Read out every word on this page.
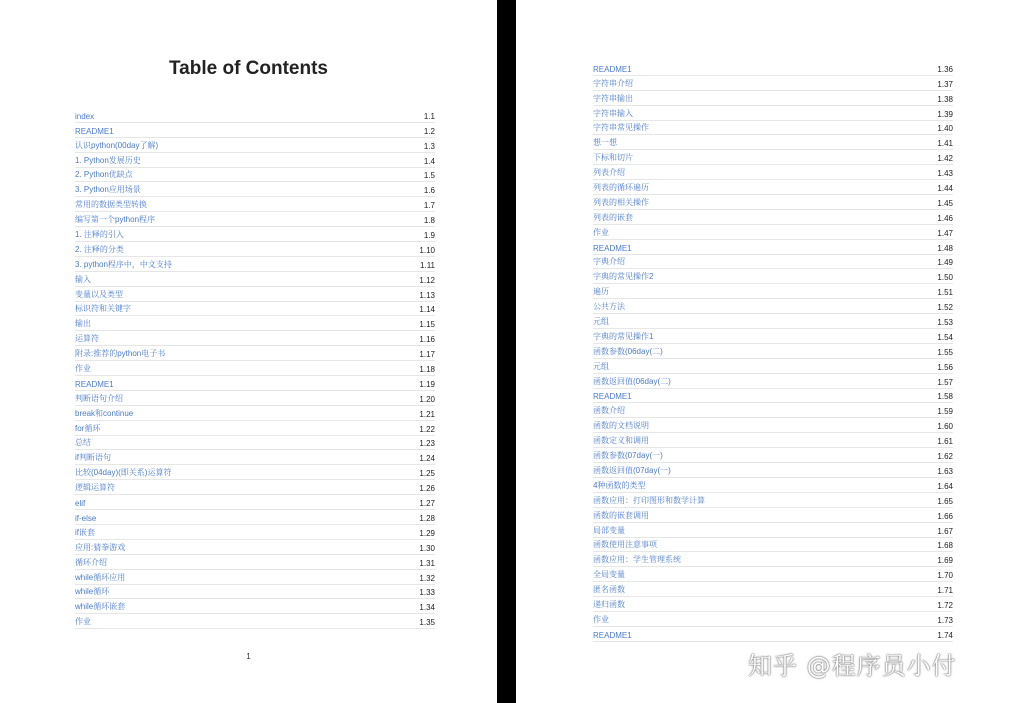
Table of Contents
index	1.1
README1	1.2
认识python(00day了解)	1.3
1. Python发展历史	1.4
2. Python优缺点	1.5
3. Python应用场景	1.6
常用的数据类型转换	1.7
编写第一个python程序	1.8
1. 注释的引入	1.9
2. 注释的分类	1.10
3. python程序中，中文支持	1.11
输入	1.12
变量以及类型	1.13
标识符和关键字	1.14
输出	1.15
运算符	1.16
附录:推荐的python电子书	1.17
作业	1.18
README1	1.19
判断语句介绍	1.20
break和continue	1.21
for循环	1.22
总结	1.23
if判断语句	1.24
比较(04day)(即关系)运算符	1.25
逻辑运算符	1.26
elif	1.27
if-else	1.28
if嵌套	1.29
应用:猜拳游戏	1.30
循环介绍	1.31
while循环应用	1.32
while循环	1.33
while循环嵌套	1.34
作业	1.35
README1	1.36
字符串介绍	1.37
字符串输出	1.38
字符串输入	1.39
字符串常见操作	1.40
想一想	1.41
下标和切片	1.42
列表介绍	1.43
列表的循环遍历	1.44
列表的相关操作	1.45
列表的嵌套	1.46
作业	1.47
README1	1.48
字典介绍	1.49
字典的常见操作2	1.50
遍历	1.51
公共方法	1.52
元组	1.53
字典的常见操作1	1.54
函数参数(06day(二)	1.55
元组	1.56
函数返回值(06day(二)	1.57
README1	1.58
函数介绍	1.59
函数的文档说明	1.60
函数定义和调用	1.61
函数参数(07day(一)	1.62
函数返回值(07day(一)	1.63
4种函数的类型	1.64
函数应用：打印图形和数学计算	1.65
函数的嵌套调用	1.66
局部变量	1.67
函数使用注意事项	1.68
函数应用：学生管理系统	1.69
全局变量	1.70
匿名函数	1.71
递归函数	1.72
作业	1.73
README1	1.74
1	知乎 @程序员小付
